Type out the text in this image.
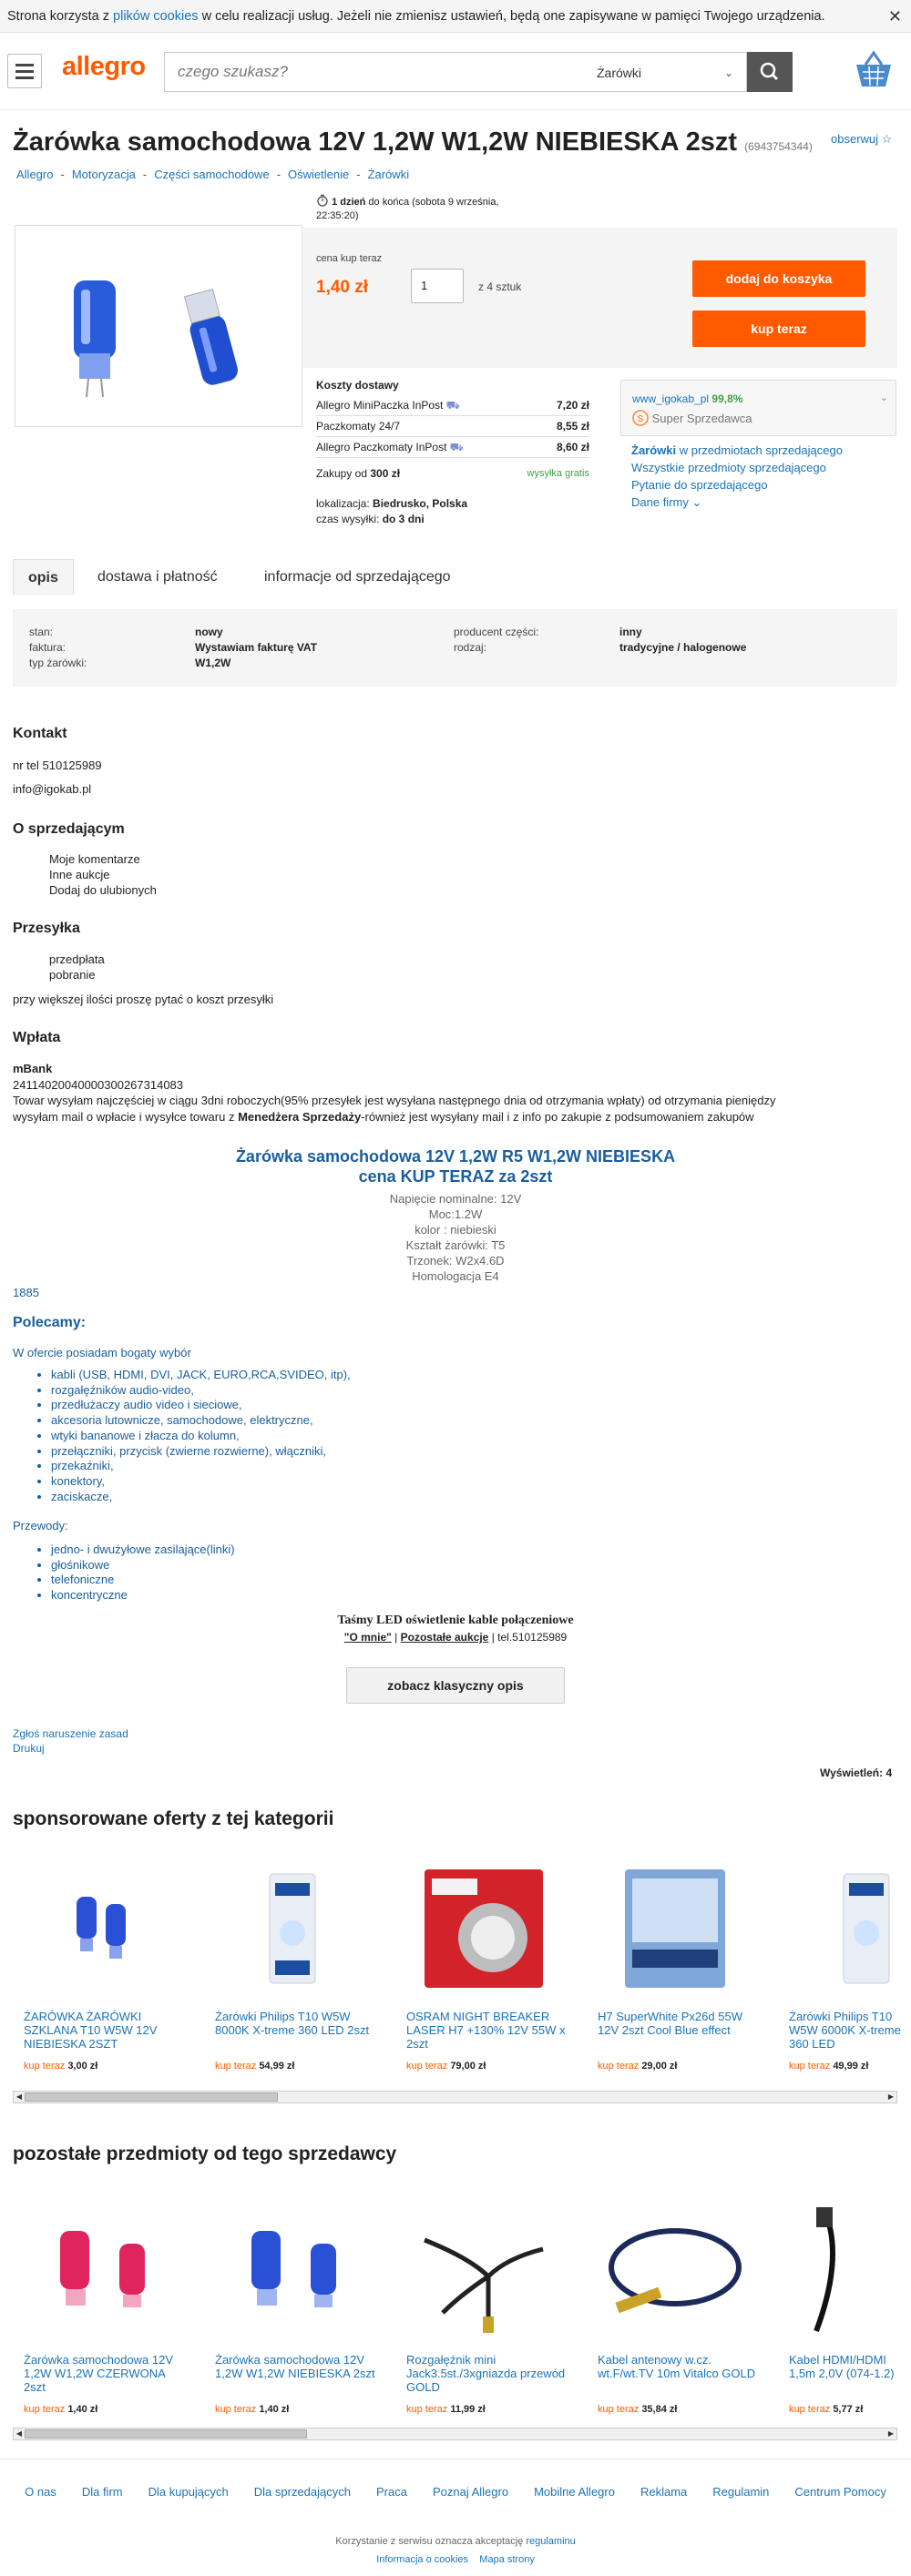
Strona korzysta z plików cookies w celu realizacji usług. Jeżeli nie zmienisz ustawień, będą one zapisywane w pamięci Twojego urządzenia.	✕
allegro czego szukasz?	Żarówki	⌄
Żarówka samochodowa 12V 1,2W W1,2W NIEBIESKA 2szt (6943754344)
obserwuj ☆
Allegro - Motoryzacja - Części samochodowe - Oświetlenie - Żarówki
1 dzień do końca (sobota 9 września, 22:35:20)
cena kup teraz
1,40 zł	1	z 4 sztuk
dodaj do koszyka
kup teraz
Koszty dostawy
Allegro MiniPaczka InPost ⛟	7,20 zł
Paczkomaty 24/7	8,55 zł
Allegro Paczkomaty InPost ⛟	8,60 zł
Zakupy od 300 zł	wysyłka gratis
lokalizacja: Biedrusko, Polska
czas wysyłki: do 3 dni
www_igokab_pl 99,8%
S Super Sprzedawca
⌄
Żarówki w przedmiotach sprzedającego
Wszystkie przedmioty sprzedającego
Pytanie do sprzedającego
Dane firmy ⌄
opis	dostawa i płatność	informacje od sprzedającego
stan:	nowy
faktura:	Wystawiam fakturę VAT
typ żarówki:	W1,2W
producent części:	inny
rodzaj:	tradycyjne / halogenowe
Kontakt
nr tel 510125989
info@igokab.pl
O sprzedającym
Moje komentarze
Inne aukcje
Dodaj do ulubionych
Przesyłka
przedpłata
pobranie
przy większej ilości proszę pytać o koszt przesyłki
Wpłata
mBank
24114020040000300267314083
Towar wysyłam najczęściej w ciągu 3dni roboczych(95% przesyłek jest wysyłana następnego dnia od otrzymania wpłaty) od otrzymania pieniędzy
wysyłam mail o wpłacie i wysyłce towaru z Menedżera Sprzedaży-również jest wysyłany mail i z info po zakupie z podsumowaniem zakupów
Żarówka samochodowa 12V 1,2W R5 W1,2W NIEBIESKA
cena KUP TERAZ za 2szt
Napięcie nominalne: 12V
Moc:1.2W
kolor : niebieski
Kształt żarówki: T5
Trzonek: W2x4.6D
Homologacja E4
1885
Polecamy:
W ofercie posiadam bogaty wybór
• kabli (USB, HDMI, DVI, JACK, EURO,RCA,SVIDEO, itp),
• rozgałęźników audio-video,
• przedłużaczy audio video i sieciowe,
• akcesoria lutownicze, samochodowe, elektryczne,
• wtyki bananowe i złacza do kolumn,
• przełączniki, przycisk (zwierne rozwierne), włączniki,
• przekaźniki,
• konektory,
• zaciskacze,
Przewody:
• jedno- i dwużyłowe zasilające(linki)
• głośnikowe
• telefoniczne
• koncentryczne
Taśmy LED oświetlenie kable połączeniowe
"O mnie" | Pozostałe aukcje | tel.510125989
zobacz klasyczny opis
Zgłoś naruszenie zasad
Drukuj
Wyświetleń: 4
sponsorowane oferty z tej kategorii
ŻARÓWKA ŻARÓWKI SZKLANA T10 W5W 12V NIEBIESKA 2SZT
kup teraz 3,00 zł
Żarówki Philips T10 W5W 8000K X-treme 360 LED 2szt
kup teraz 54,99 zł
OSRAM NIGHT BREAKER LASER H7 +130% 12V 55W x 2szt
kup teraz 79,00 zł
H7 SuperWhite Px26d 55W 12V 2szt Cool Blue effect
kup teraz 29,00 zł
Żarówki Philips T10 W5W 6000K X-treme 360 LED
kup teraz 49,99 zł
◀	▶
pozostałe przedmioty od tego sprzedawcy
Żarówka samochodowa 12V 1,2W W1,2W CZERWONA 2szt
kup teraz 1,40 zł
Żarówka samochodowa 12V 1,2W W1,2W NIEBIESKA 2szt
kup teraz 1,40 zł
Rozgałęźnik mini Jack3.5st./3xgniazda przewód GOLD
kup teraz 11,99 zł
Kabel antenowy w.cz. wt.F/wt.TV 10m Vitalco GOLD
kup teraz 35,84 zł
Kabel HDMI/HDMI 1,5m 2,0V (074-1.2)
kup teraz 5,77 zł
◀	▶
O nas Dla firm Dla kupujących Dla sprzedających Praca Poznaj Allegro Mobilne Allegro Reklama Regulamin Centrum Pomocy
Korzystanie z serwisu oznacza akceptację regulaminu
Informacja o cookies Mapa strony
